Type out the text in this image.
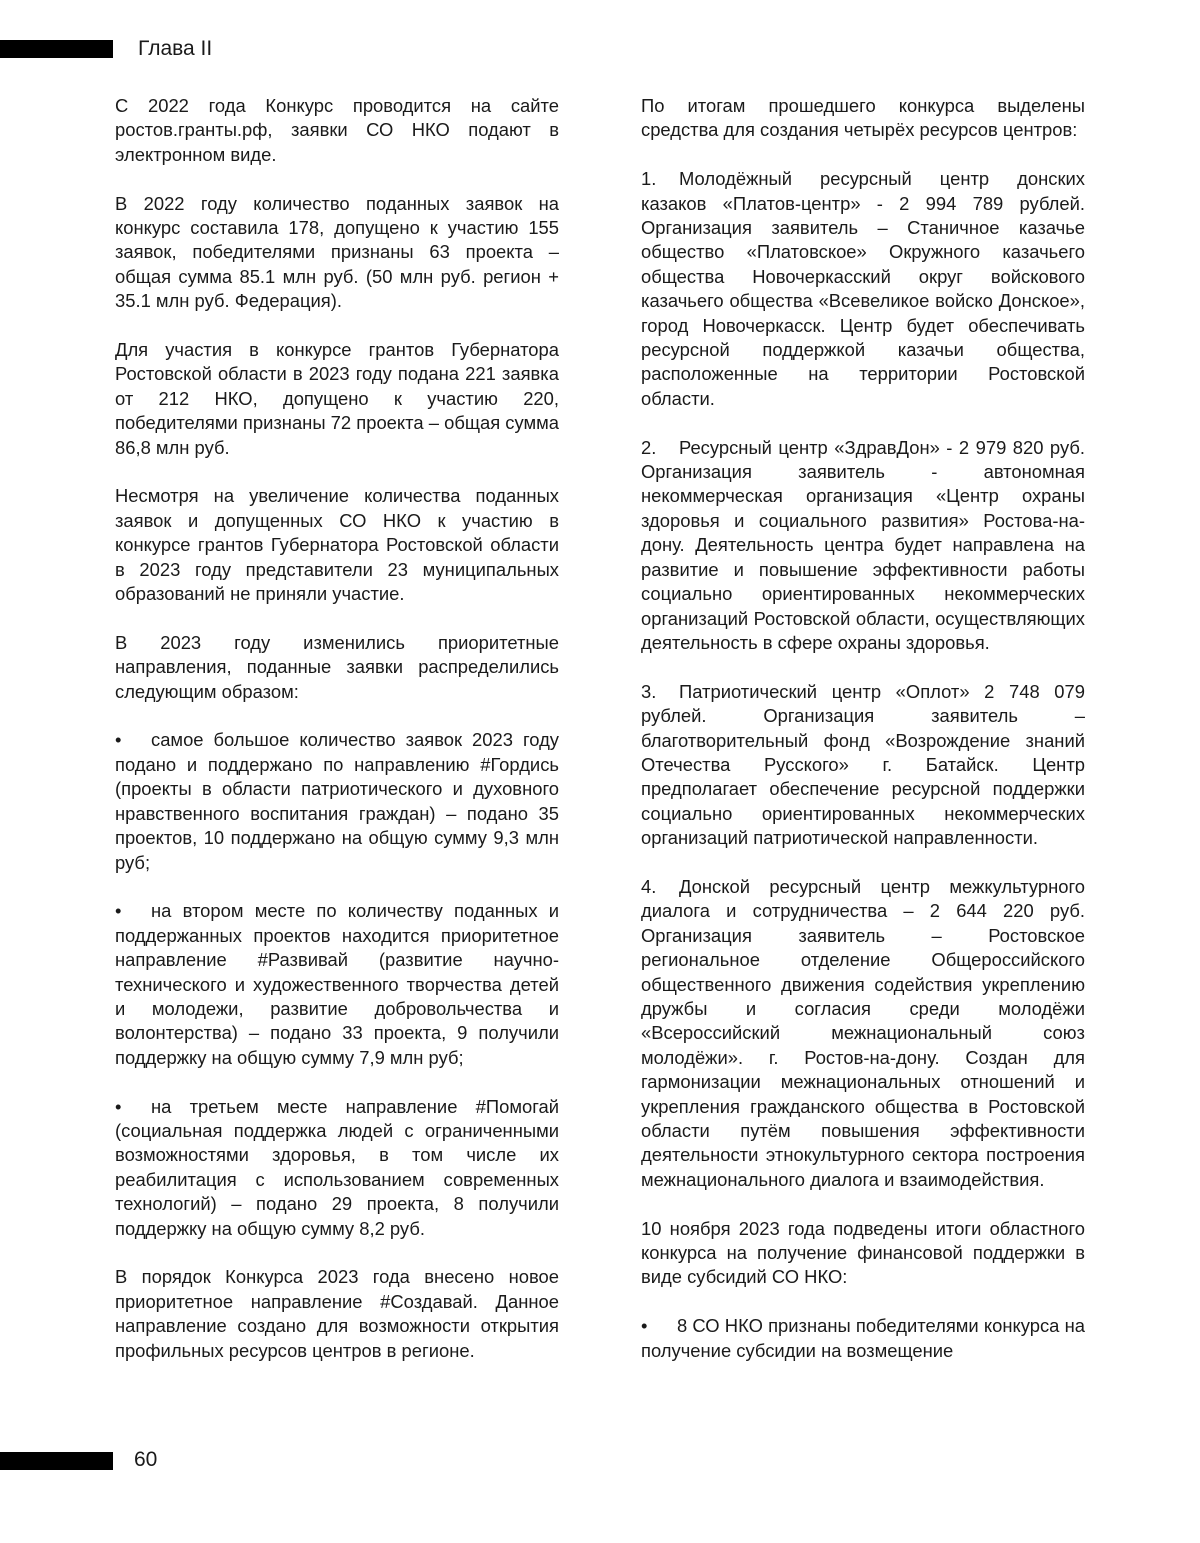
Глава II

С 2022 года Конкурс проводится на сайте ростов.гранты.рф, заявки СО НКО подают в электронном виде.

В 2022 году количество поданных заявок на конкурс составила 178, допущено к участию 155 заявок, победителями признаны 63 проекта – общая сумма 85.1 млн руб. (50 млн руб. регион + 35.1 млн руб. Федерация).

Для участия в конкурсе грантов Губернатора Ростовской области в 2023 году подана 221 заявка от 212 НКО, допущено к участию 220, победителями признаны 72 проекта – общая сумма 86,8 млн руб.

Несмотря на увеличение количества поданных заявок и допущенных СО НКО к участию в конкурсе грантов Губернатора Ростовской области в 2023 году представители 23 муниципальных образований не приняли участие.

В 2023 году изменились приоритетные направления, поданные заявки распределились следующим образом:

• самое большое количество заявок 2023 году подано и поддержано по направлению #Гордись (проекты в области патриотического и духовного нравственного воспитания граждан) – подано 35 проектов, 10 поддержано на общую сумму 9,3 млн руб;

• на втором месте по количеству поданных и поддержанных проектов находится приоритетное направление #Развивай (развитие научно-технического и художественного творчества детей и молодежи, развитие добровольчества и волонтерства) – подано 33 проекта, 9 получили поддержку на общую сумму 7,9 млн руб;

• на третьем месте направление #Помогай (социальная поддержка людей с ограниченными возможностями здоровья, в том числе их реабилитация с использованием современных технологий) – подано 29 проекта, 8 получили поддержку на общую сумму 8,2 руб.

В порядок Конкурса 2023 года внесено новое приоритетное направление #Создавай. Данное направление создано для возможности открытия профильных ресурсов центров в регионе.

По итогам прошедшего конкурса выделены средства для создания четырёх ресурсов центров:

1. Молодёжный ресурсный центр донских казаков «Платов-центр» - 2 994 789 рублей. Организация заявитель – Станичное казачье общество «Платовское» Окружного казачьего общества Новочеркасский округ войскового казачьего общества «Всевеликое войско Донское», город Новочеркасск. Центр будет обеспечивать ресурсной поддержкой казачьи общества, расположенные на территории Ростовской области.

2. Ресурсный центр «ЗдравДон» - 2 979 820 руб. Организация заявитель - автономная некоммерческая организация «Центр охраны здоровья и социального развития» Ростова-на-дону. Деятельность центра будет направлена на развитие и повышение эффективности работы социально ориентированных некоммерческих организаций Ростовской области, осуществляющих деятельность в сфере охраны здоровья.

3. Патриотический центр «Оплот» 2 748 079 рублей. Организация заявитель – благотворительный фонд «Возрождение знаний Отечества Русского» г. Батайск. Центр предполагает обеспечение ресурсной поддержки социально ориентированных некоммерческих организаций патриотической направленности.

4. Донской ресурсный центр межкультурного диалога и сотрудничества – 2 644 220 руб. Организация заявитель – Ростовское региональное отделение Общероссийского общественного движения содействия укреплению дружбы и согласия среди молодёжи «Всероссийский межнациональный союз молодёжи». г. Ростов-на-дону. Создан для гармонизации межнациональных отношений и укрепления гражданского общества в Ростовской области путём повышения эффективности деятельности этнокультурного сектора построения межнационального диалога и взаимодействия.

10 ноября 2023 года подведены итоги областного конкурса на получение финансовой поддержки в виде субсидий СО НКО:

• 8 СО НКО признаны победителями конкурса на получение субсидии на возмещение

60
